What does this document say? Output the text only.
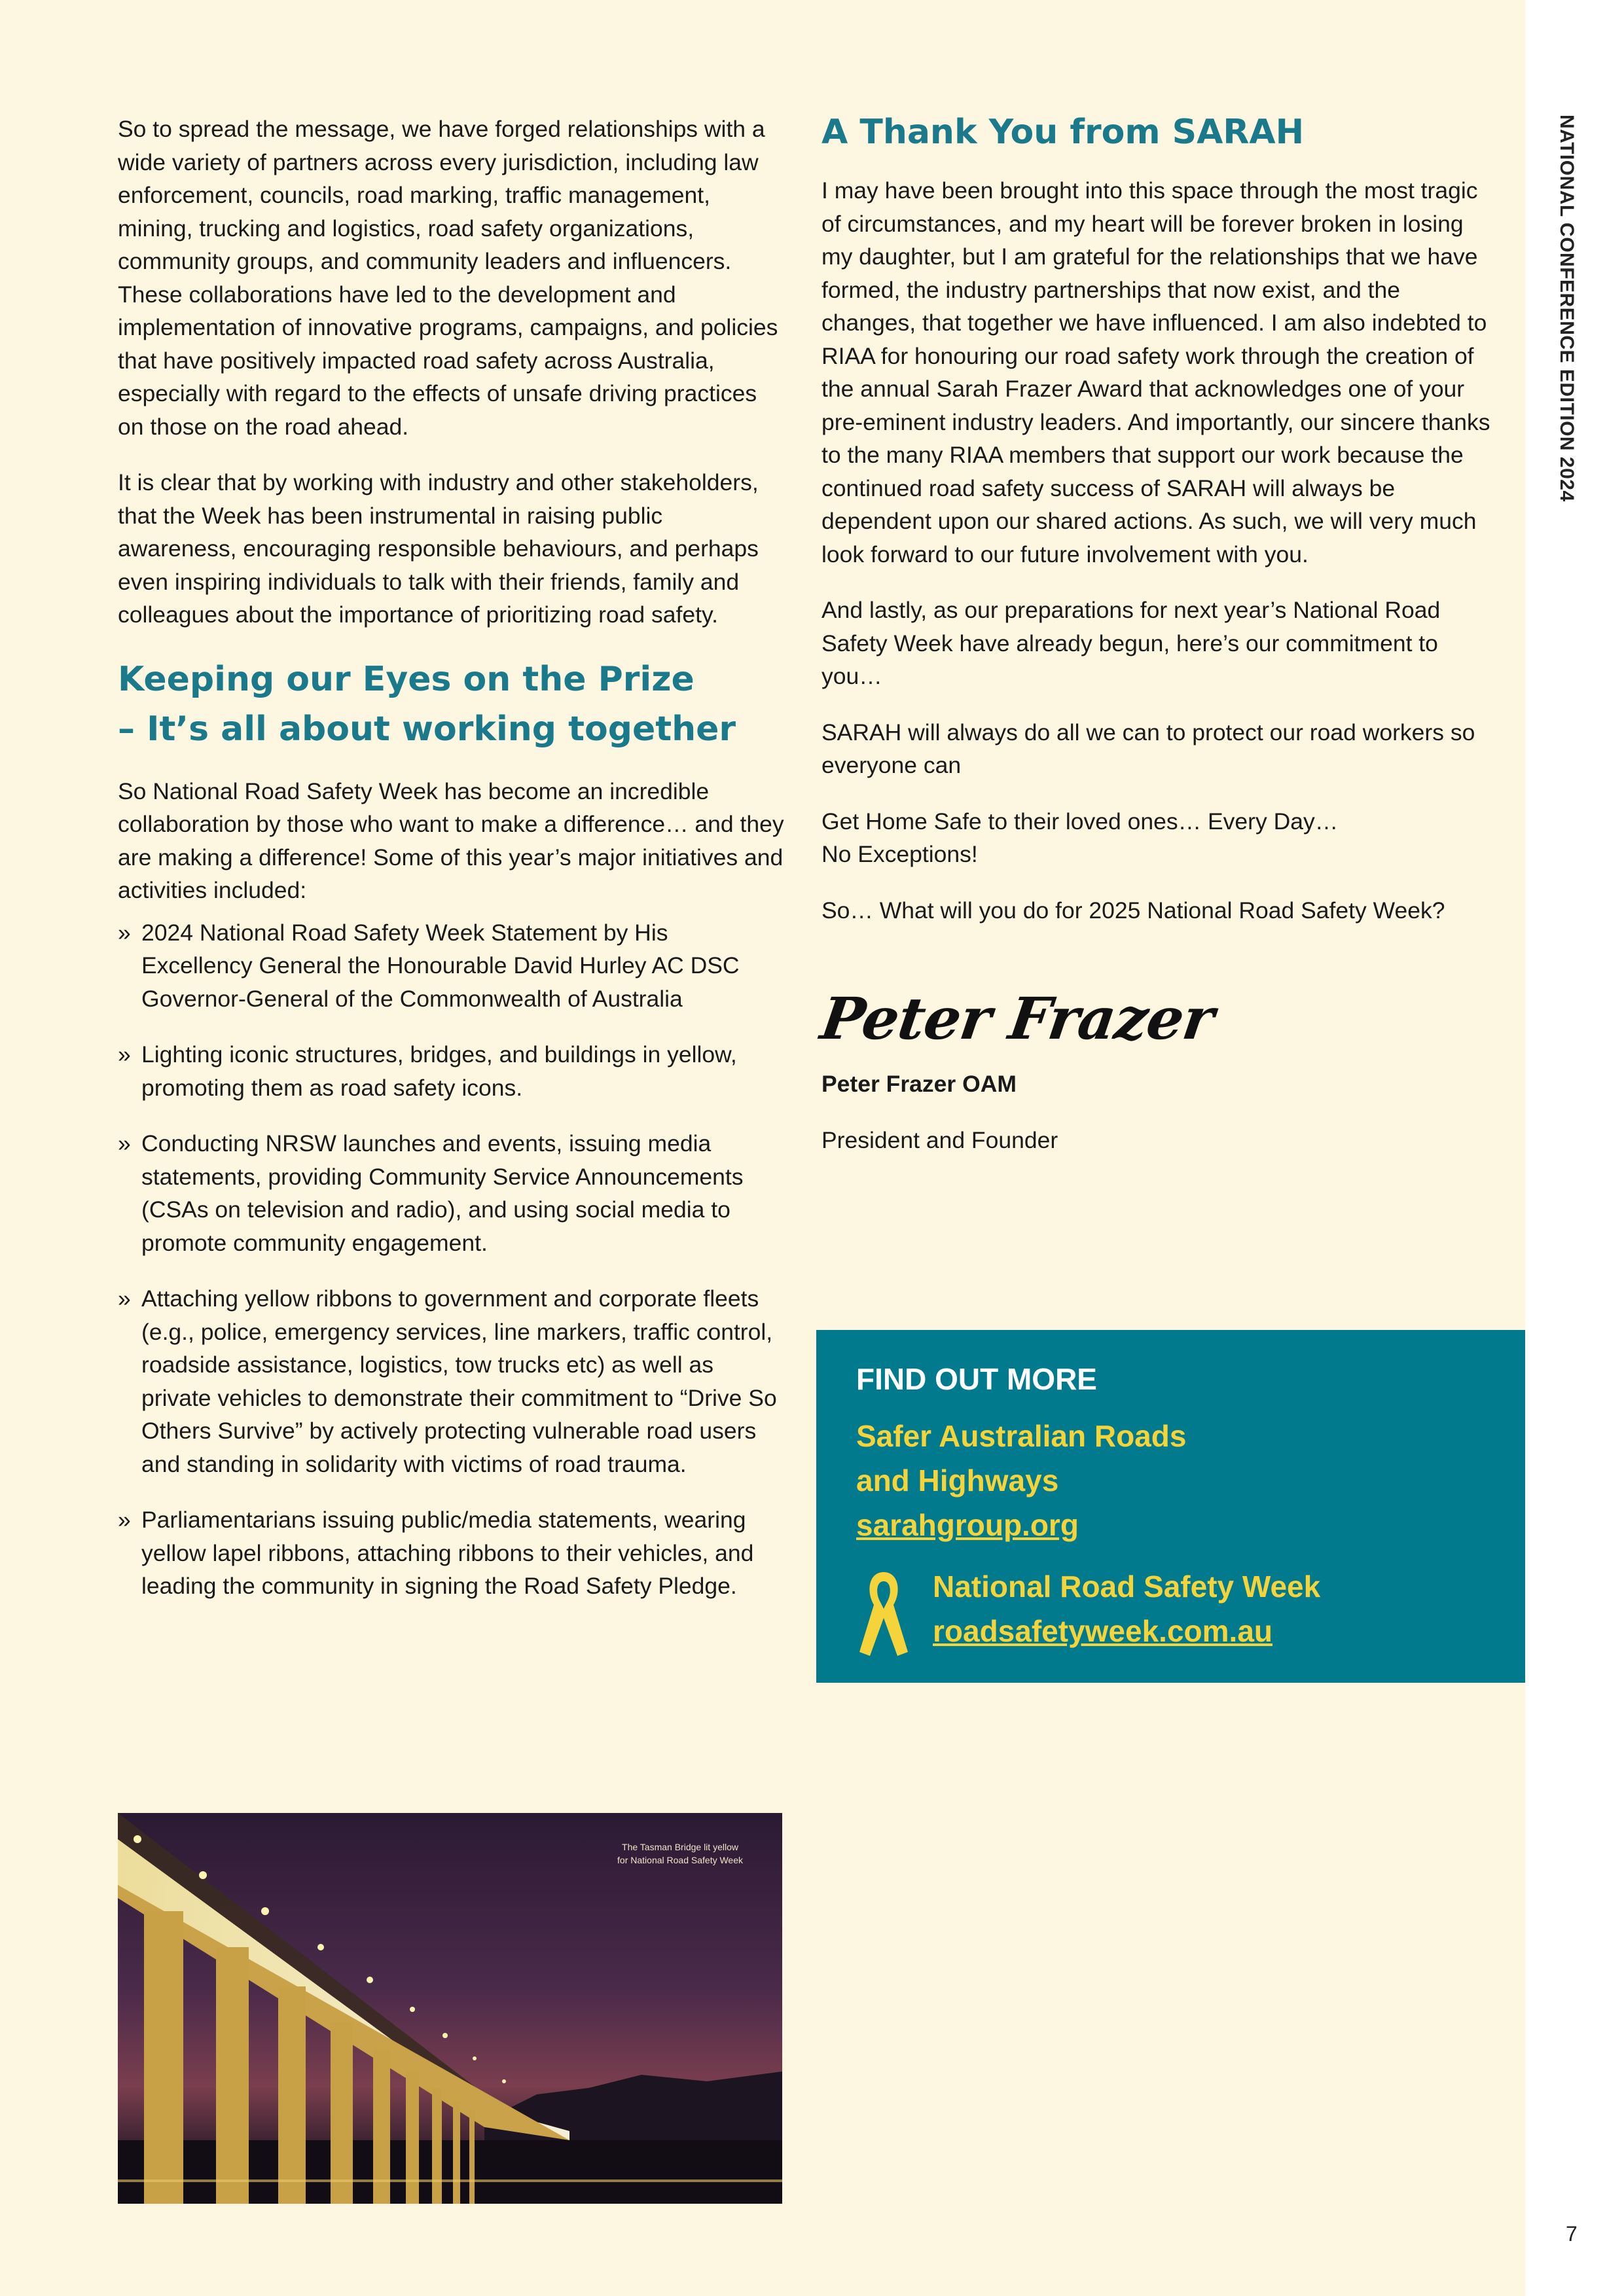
NATIONAL CONFERENCE EDITION 2024
7

So to spread the message, we have forged relationships with a wide variety of partners across every jurisdiction, including law enforcement, councils, road marking, traffic management, mining, trucking and logistics, road safety organizations, community groups, and community leaders and influencers. These collaborations have led to the development and implementation of innovative programs, campaigns, and policies that have positively impacted road safety across Australia, especially with regard to the effects of unsafe driving practices on those on the road ahead.

It is clear that by working with industry and other stakeholders, that the Week has been instrumental in raising public awareness, encouraging responsible behaviours, and perhaps even inspiring individuals to talk with their friends, family and colleagues about the importance of prioritizing road safety.

Keeping our Eyes on the Prize
– It’s all about working together

So National Road Safety Week has become an incredible collaboration by those who want to make a difference… and they are making a difference! Some of this year’s major initiatives and activities included:

» 2024 National Road Safety Week Statement by His Excellency General the Honourable David Hurley AC DSC Governor-General of the Commonwealth of Australia
» Lighting iconic structures, bridges, and buildings in yellow, promoting them as road safety icons.
» Conducting NRSW launches and events, issuing media statements, providing Community Service Announcements (CSAs on television and radio), and using social media to promote community engagement.
» Attaching yellow ribbons to government and corporate fleets (e.g., police, emergency services, line markers, traffic control, roadside assistance, logistics, tow trucks etc) as well as private vehicles to demonstrate their commitment to “Drive So Others Survive” by actively protecting vulnerable road users and standing in solidarity with victims of road trauma.
» Parliamentarians issuing public/media statements, wearing yellow lapel ribbons, attaching ribbons to their vehicles, and leading the community in signing the Road Safety Pledge.
A Thank You from SARAH

I may have been brought into this space through the most tragic of circumstances, and my heart will be forever broken in losing my daughter, but I am grateful for the relationships that we have formed, the industry partnerships that now exist, and the changes, that together we have influenced. I am also indebted to RIAA for honouring our road safety work through the creation of the annual Sarah Frazer Award that acknowledges one of your pre-eminent industry leaders. And importantly, our sincere thanks to the many RIAA members that support our work because the continued road safety success of SARAH will always be dependent upon our shared actions. As such, we will very much look forward to our future involvement with you.

And lastly, as our preparations for next year’s National Road Safety Week have already begun, here’s our commitment to you…

SARAH will always do all we can to protect our road workers so everyone can

Get Home Safe to their loved ones… Every Day…
No Exceptions!

So… What will you do for 2025 National Road Safety Week?

Peter Frazer

Peter Frazer OAM

President and Founder

FIND OUT MORE
Safer Australian Roads
and Highways
sarahgroup.org
National Road Safety Week
roadsafetyweek.com.au
The Tasman Bridge lit yellow
for National Road Safety Week
